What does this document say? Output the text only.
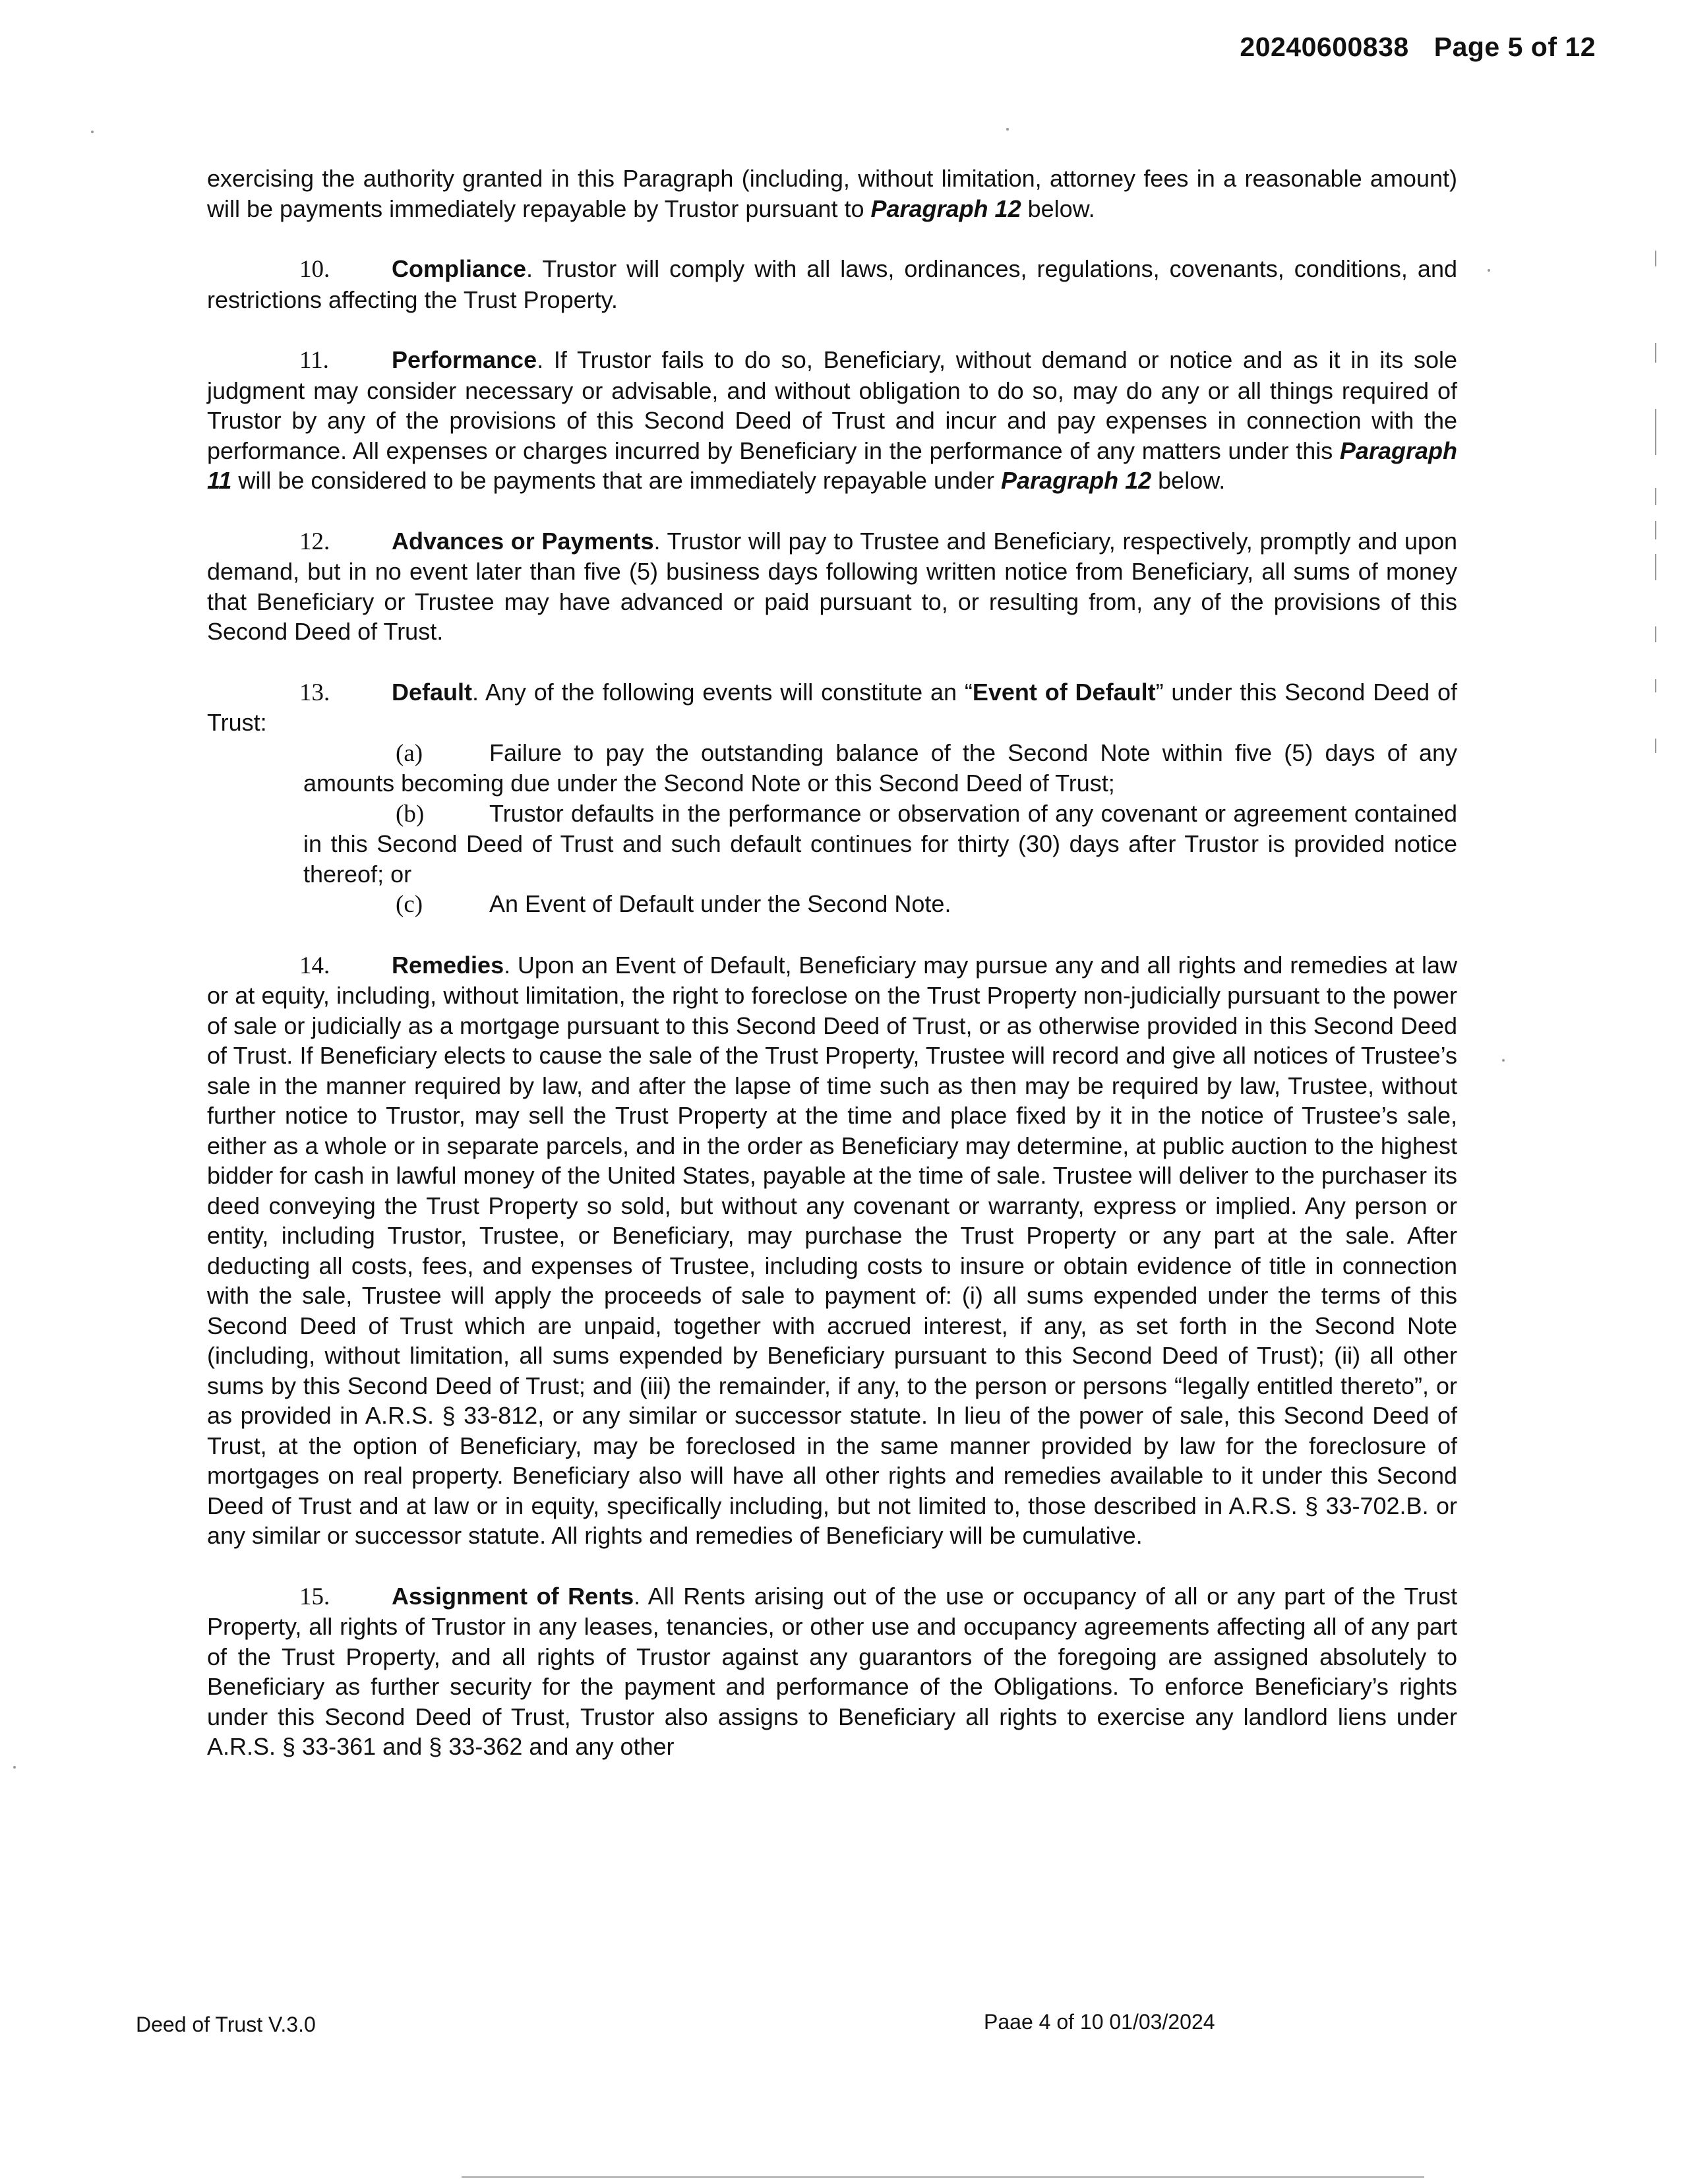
20240600838 Page 5 of 12

exercising the authority granted in this Paragraph (including, without limitation, attorney fees in a reasonable amount) will be payments immediately repayable by Trustor pursuant to Paragraph 12 below.

10.	Compliance. Trustor will comply with all laws, ordinances, regulations, covenants, conditions, and restrictions affecting the Trust Property.

11.	Performance. If Trustor fails to do so, Beneficiary, without demand or notice and as it in its sole judgment may consider necessary or advisable, and without obligation to do so, may do any or all things required of Trustor by any of the provisions of this Second Deed of Trust and incur and pay expenses in connection with the performance. All expenses or charges incurred by Beneficiary in the performance of any matters under this Paragraph 11 will be considered to be payments that are immediately repayable under Paragraph 12 below.

12.	Advances or Payments. Trustor will pay to Trustee and Beneficiary, respectively, promptly and upon demand, but in no event later than five (5) business days following written notice from Beneficiary, all sums of money that Beneficiary or Trustee may have advanced or paid pursuant to, or resulting from, any of the provisions of this Second Deed of Trust.

13.	Default. Any of the following events will constitute an “Event of Default” under this Second Deed of Trust:
(a)	Failure to pay the outstanding balance of the Second Note within five (5) days of any amounts becoming due under the Second Note or this Second Deed of Trust;
(b)	Trustor defaults in the performance or observation of any covenant or agreement contained in this Second Deed of Trust and such default continues for thirty (30) days after Trustor is provided notice thereof; or
(c)	An Event of Default under the Second Note.

14.	Remedies. Upon an Event of Default, Beneficiary may pursue any and all rights and remedies at law or at equity, including, without limitation, the right to foreclose on the Trust Property non-judicially pursuant to the power of sale or judicially as a mortgage pursuant to this Second Deed of Trust, or as otherwise provided in this Second Deed of Trust. If Beneficiary elects to cause the sale of the Trust Property, Trustee will record and give all notices of Trustee’s sale in the manner required by law, and after the lapse of time such as then may be required by law, Trustee, without further notice to Trustor, may sell the Trust Property at the time and place fixed by it in the notice of Trustee’s sale, either as a whole or in separate parcels, and in the order as Beneficiary may determine, at public auction to the highest bidder for cash in lawful money of the United States, payable at the time of sale. Trustee will deliver to the purchaser its deed conveying the Trust Property so sold, but without any covenant or warranty, express or implied. Any person or entity, including Trustor, Trustee, or Beneficiary, may purchase the Trust Property or any part at the sale. After deducting all costs, fees, and expenses of Trustee, including costs to insure or obtain evidence of title in connection with the sale, Trustee will apply the proceeds of sale to payment of: (i) all sums expended under the terms of this Second Deed of Trust which are unpaid, together with accrued interest, if any, as set forth in the Second Note (including, without limitation, all sums expended by Beneficiary pursuant to this Second Deed of Trust); (ii) all other sums by this Second Deed of Trust; and (iii) the remainder, if any, to the person or persons “legally entitled thereto”, or as provided in A.R.S. § 33-812, or any similar or successor statute. In lieu of the power of sale, this Second Deed of Trust, at the option of Beneficiary, may be foreclosed in the same manner provided by law for the foreclosure of mortgages on real property. Beneficiary also will have all other rights and remedies available to it under this Second Deed of Trust and at law or in equity, specifically including, but not limited to, those described in A.R.S. § 33-702.B. or any similar or successor statute. All rights and remedies of Beneficiary will be cumulative.

15.	Assignment of Rents. All Rents arising out of the use or occupancy of all or any part of the Trust Property, all rights of Trustor in any leases, tenancies, or other use and occupancy agreements affecting all of any part of the Trust Property, and all rights of Trustor against any guarantors of the foregoing are assigned absolutely to Beneficiary as further security for the payment and performance of the Obligations. To enforce Beneficiary’s rights under this Second Deed of Trust, Trustor also assigns to Beneficiary all rights to exercise any landlord liens under A.R.S. § 33-361 and § 33-362 and any other

Deed of Trust V.3.0	Paae 4 of 10 01/03/2024
